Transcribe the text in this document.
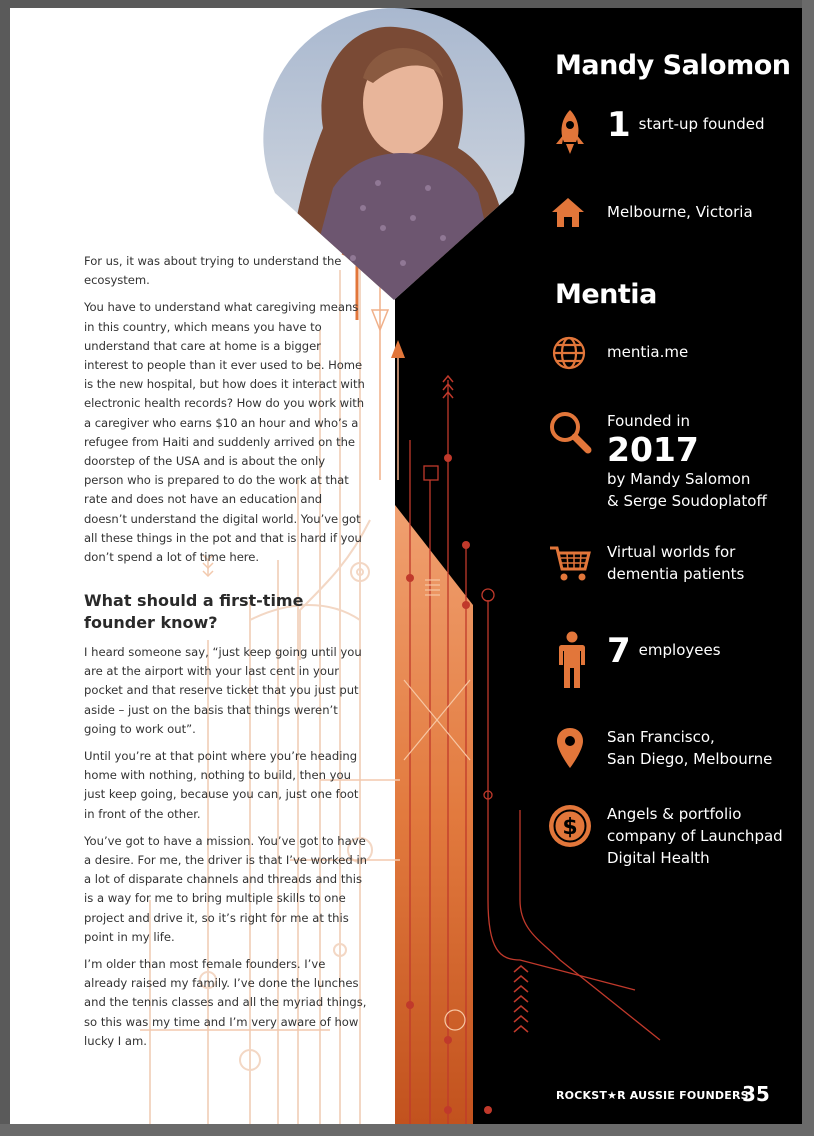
For us, it was about trying to understand the ecosystem.

You have to understand what caregiving means in this country, which means you have to understand that care at home is a bigger interest to people than it ever used to be. Home is the new hospital, but how does it interact with electronic health records? How do you work with a caregiver who earns $10 an hour and who’s a refugee from Haiti and suddenly arrived on the doorstep of the USA and is about the only person who is prepared to do the work at that rate and does not have an education and doesn’t understand the digital world. You’ve got all these things in the pot and that is hard if you don’t spend a lot of time here.

What should a first-time founder know?

I heard someone say, “just keep going until you are at the airport with your last cent in your pocket and that reserve ticket that you just put aside – just on the basis that things weren’t going to work out”.

Until you’re at that point where you’re heading home with nothing, nothing to build, then you just keep going, because you can, just one foot in front of the other.

You’ve got to have a mission. You’ve got to have a desire. For me, the driver is that I’ve worked in a lot of disparate channels and threads and this is a way for me to bring multiple skills to one project and drive it, so it’s right for me at this point in my life.

I’m older than most female founders. I’ve already raised my family. I’ve done the lunches and the tennis classes and all the myriad things, so this was my time and I’m very aware of how lucky I am.

Mandy Salomon
1 start-up founded
Melbourne, Victoria
Mentia
mentia.me
Founded in
2017
by Mandy Salomon
& Serge Soudoplatoff
Virtual worlds for
dementia patients
7 employees
San Francisco,
San Diego, Melbourne
$
Angels & portfolio
company of Launchpad
Digital Health
ROCKST★R AUSSIE FOUNDERS
35
